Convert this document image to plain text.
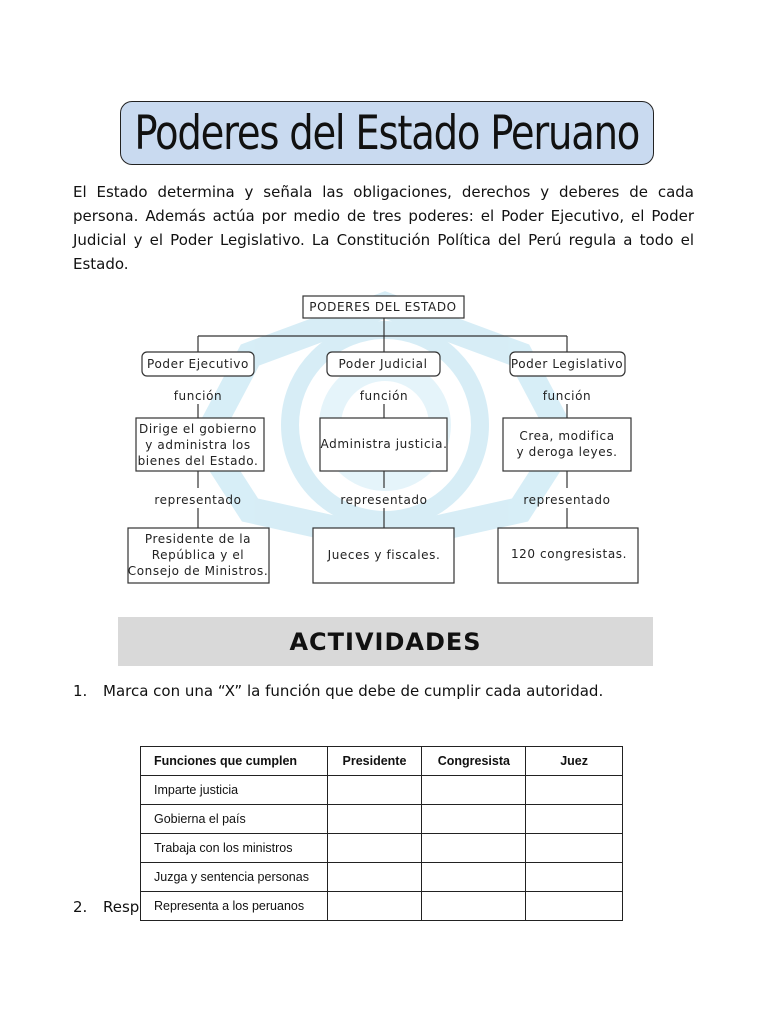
Poderes del Estado Peruano

El Estado determina y señala las obligaciones, derechos y deberes de cada persona. Además actúa por medio de tres poderes: el Poder Ejecutivo, el Poder Judicial y el Poder Legislativo. La Constitución Política del Perú regula a todo el Estado.

PODERES DEL ESTADO
Poder Ejecutivo	Poder Judicial	Poder Legislativo
función	función	función
Dirige el gobierno
y administra los
bienes del Estado.
Administra justicia.
Crea, modifica
y deroga leyes.
representado	representado	representado
Presidente de la
República y el
Consejo de Ministros.
Jueces y fiscales.	120 congresistas.
ACTIVIDADES
1. Marca con una “X” la función que debe de cumplir cada autoridad.
2. Resp
Funciones que cumplen	Presidente	Congresista	Juez
Imparte justicia			
Gobierna el país			
Trabaja con los ministros			
Juzga y sentencia personas			
Representa a los peruanos			
